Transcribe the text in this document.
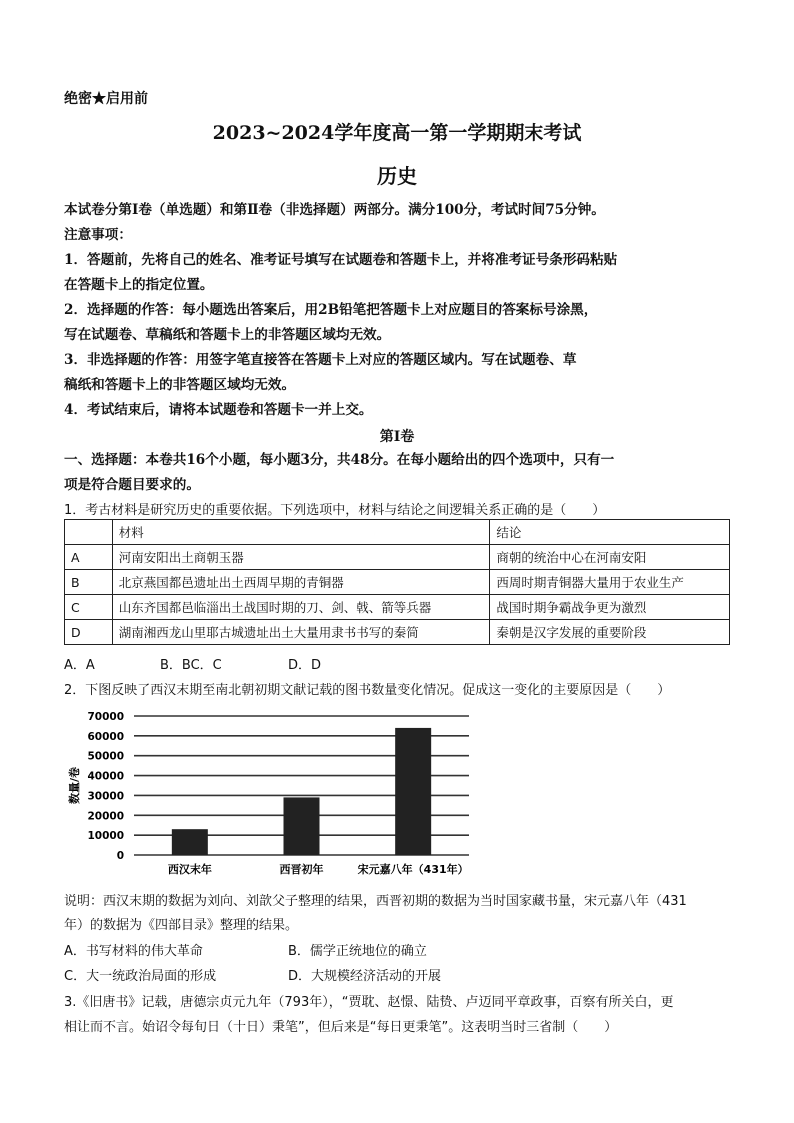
绝密★启用前
2023~2024学年度高一第一学期期末考试
历史
本试卷分第Ⅰ卷（单选题）和第Ⅱ卷（非选择题）两部分。满分100分，考试时间75分钟。
注意事项：
1．答题前，先将自己的姓名、准考证号填写在试题卷和答题卡上，并将准考证号条形码粘贴
在答题卡上的指定位置。
2．选择题的作答：每小题选出答案后，用2B铅笔把答题卡上对应题目的答案标号涂黑，
写在试题卷、草稿纸和答题卡上的非答题区域均无效。
3．非选择题的作答：用签字笔直接答在答题卡上对应的答题区域内。写在试题卷、草
稿纸和答题卡上的非答题区域均无效。
4．考试结束后，请将本试题卷和答题卡一并上交。
第Ⅰ卷
一、选择题：本卷共16个小题，每小题3分，共48分。在每小题给出的四个选项中，只有一
项是符合题目要求的。
1．考古材料是研究历史的重要依据。下列选项中，材料与结论之间逻辑关系正确的是（　　）
	材料	结论
A	河南安阳出土商朝玉器	商朝的统治中心在河南安阳
B	北京燕国都邑遗址出土西周早期的青铜器	西周时期青铜器大量用于农业生产
C	山东齐国都邑临淄出土战国时期的刀、剑、戟、箭等兵器	战国时期争霸战争更为激烈
D	湖南湘西龙山里耶古城遗址出土大量用隶书书写的秦简	秦朝是汉字发展的重要阶段
A．A	B．BC．C	D．D
2．下图反映了西汉末期至南北朝初期文献记载的图书数量变化情况。促成这一变化的主要原因是（　　）
0
10000
20000
30000
40000
50000
60000
70000
西汉末年	西晋初年	宋元嘉八年（431年）
数量/卷
说明：西汉末期的数据为刘向、刘歆父子整理的结果，西晋初期的数据为当时国家藏书量，宋元嘉八年（431
年）的数据为《四部目录》整理的结果。
A．书写材料的伟大革命	B．儒学正统地位的确立
C．大一统政治局面的形成	D．大规模经济活动的开展
3.《旧唐书》记载，唐德宗贞元九年（793年），“贾耽、赵憬、陆贽、卢迈同平章政事，百察有所关白，更
相让而不言。始诏令每旬日（十日）秉笔”，但后来是“每日更秉笔”。这表明当时三省制（　　）
